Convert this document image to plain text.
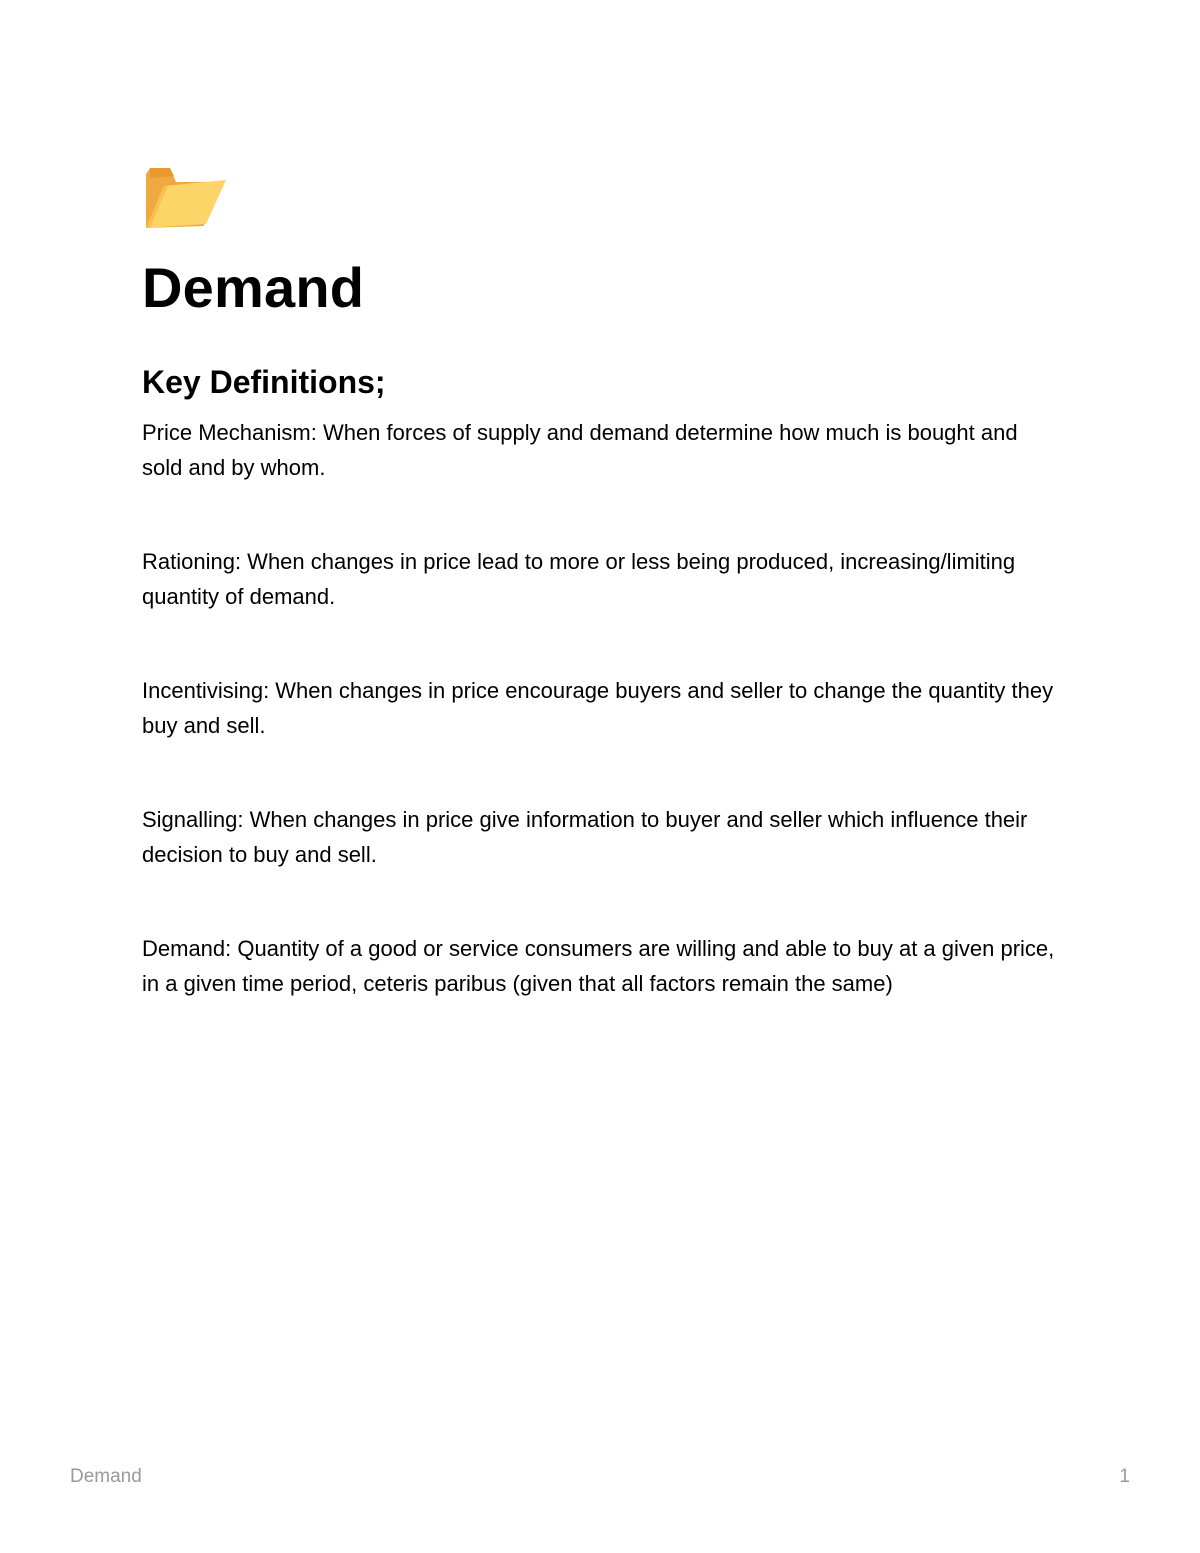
Demand
Key Definitions;

Price Mechanism: When forces of supply and demand determine how much is bought and sold and by whom.

Rationing: When changes in price lead to more or less being produced, increasing/limiting quantity of demand.

Incentivising: When changes in price encourage buyers and seller to change the quantity they buy and sell.

Signalling: When changes in price give information to buyer and seller which influence their decision to buy and sell.

Demand: Quantity of a good or service consumers are willing and able to buy at a given price, in a given time period, ceteris paribus (given that all factors remain the same)

Demand	1
